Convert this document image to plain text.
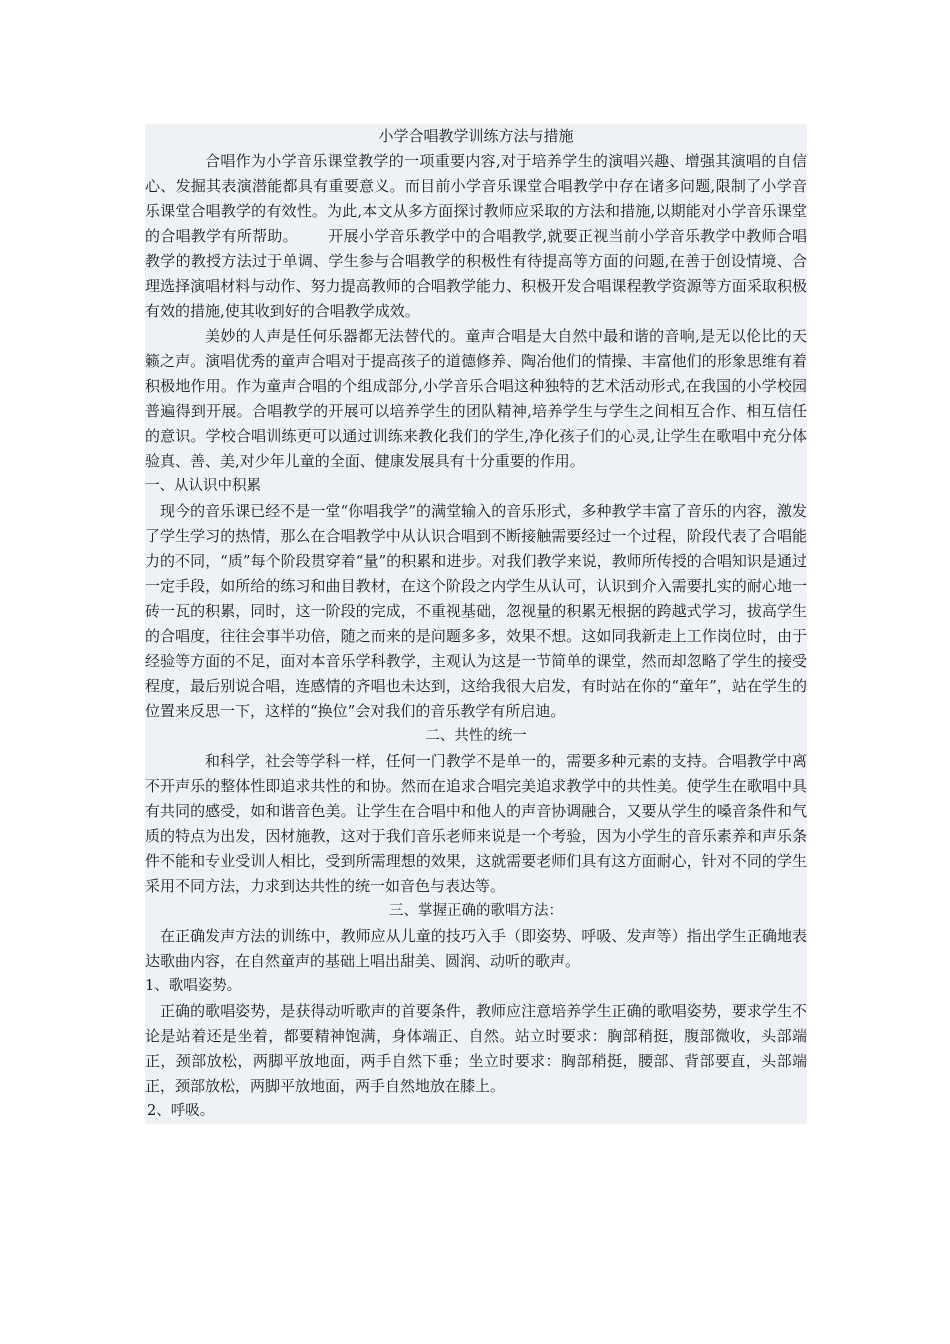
小学合唱教学训练方法与措施

合唱作为小学音乐课堂教学的一项重要内容,对于培养学生的演唱兴趣、增强其演唱的自信心、发掘其表演潜能都具有重要意义。而目前小学音乐课堂合唱教学中存在诸多问题,限制了小学音乐课堂合唱教学的有效性。为此,本文从多方面探讨教师应采取的方法和措施,以期能对小学音乐课堂的合唱教学有所帮助。 开展小学音乐教学中的合唱教学,就要正视当前小学音乐教学中教师合唱教学的教授方法过于单调、学生参与合唱教学的积极性有待提高等方面的问题,在善于创设情境、合理选择演唱材料与动作、努力提高教师的合唱教学能力、积极开发合唱课程教学资源等方面采取积极有效的措施,使其收到好的合唱教学成效。

美妙的人声是任何乐器都无法替代的。童声合唱是大自然中最和谐的音响,是无以伦比的天籁之声。演唱优秀的童声合唱对于提高孩子的道德修养、陶冶他们的情操、丰富他们的形象思维有着积极地作用。作为童声合唱的个组成部分,小学音乐合唱这种独特的艺术活动形式,在我国的小学校园普遍得到开展。合唱教学的开展可以培养学生的团队精神,培养学生与学生之间相互合作、相互信任的意识。学校合唱训练更可以通过训练来教化我们的学生,净化孩子们的心灵,让学生在歌唱中充分体验真、善、美,对少年儿童的全面、健康发展具有十分重要的作用。

一、从认识中积累

现今的音乐课已经不是一堂“你唱我学”的满堂输入的音乐形式，多种教学丰富了音乐的内容，激发了学生学习的热情，那么在合唱教学中从认识合唱到不断接触需要经过一个过程，阶段代表了合唱能力的不同，“质”每个阶段贯穿着“量”的积累和进步。对我们教学来说，教师所传授的合唱知识是通过一定手段，如所给的练习和曲目教材，在这个阶段之内学生从认可，认识到介入需要扎实的耐心地一砖一瓦的积累，同时，这一阶段的完成，不重视基础，忽视量的积累无根据的跨越式学习，拔高学生的合唱度，往往会事半功倍，随之而来的是问题多多，效果不想。这如同我新走上工作岗位时，由于经验等方面的不足，面对本音乐学科教学，主观认为这是一节简单的课堂，然而却忽略了学生的接受程度，最后别说合唱，连感情的齐唱也未达到，这给我很大启发，有时站在你的“童年”，站在学生的位置来反思一下，这样的“换位”会对我们的音乐教学有所启迪。

二、共性的统一

和科学，社会等学科一样，任何一门教学不是单一的，需要多种元素的支持。合唱教学中离不开声乐的整体性即追求共性的和协。然而在追求合唱完美追求教学中的共性美。使学生在歌唱中具有共同的感受，如和谐音色美。让学生在合唱中和他人的声音协调融合，又要从学生的嗓音条件和气质的特点为出发，因材施教，这对于我们音乐老师来说是一个考验，因为小学生的音乐素养和声乐条件不能和专业受训人相比，受到所需理想的效果，这就需要老师们具有这方面耐心，针对不同的学生采用不同方法，力求到达共性的统一如音色与表达等。

三、掌握正确的歌唱方法：

在正确发声方法的训练中，教师应从儿童的技巧入手（即姿势、呼吸、发声等）指出学生正确地表达歌曲内容，在自然童声的基础上唱出甜美、圆润、动听的歌声。

1、歌唱姿势。

正确的歌唱姿势，是获得动听歌声的首要条件，教师应注意培养学生正确的歌唱姿势，要求学生不论是站着还是坐着，都要精神饱满，身体端正、自然。站立时要求：胸部稍挺，腹部微收，头部端正，颈部放松，两脚平放地面，两手自然下垂；坐立时要求：胸部稍挺，腰部、背部要直，头部端正，颈部放松，两脚平放地面，两手自然地放在膝上。

2、呼吸。
